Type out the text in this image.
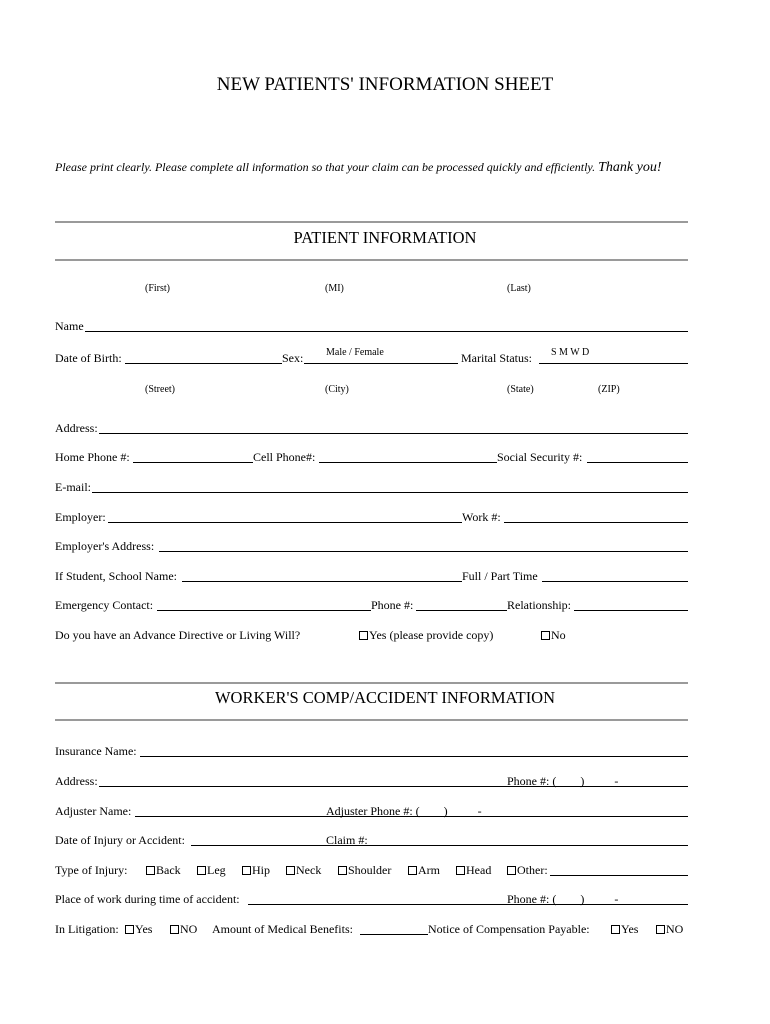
NEW PATIENTS' INFORMATION SHEET
Please print clearly. Please complete all information so that your claim can be processed quickly and efficiently. Thank you!
PATIENT INFORMATION
(First)	(MI)	(Last)
Name
Date of Birth:	Sex: Male / Female	Marital Status: S M W D
(Street)	(City)	(State)	(ZIP)
Address:
Home Phone #:	Cell Phone#:	Social Security #:
E-mail:
Employer:	Work #:
Employer's Address:
If Student, School Name:	Full / Part Time
Emergency Contact:	Phone #:	Relationship:
Do you have an Advance Directive or Living Will?	Yes (please provide copy)	No
WORKER'S COMP/ACCIDENT INFORMATION
Insurance Name:
Address:	Phone #: (        )          -
Adjuster Name:	Adjuster Phone #: (        )          -
Date of Injury or Accident:	Claim #:
Type of Injury:	Back	Leg	Hip	Neck	Shoulder	Arm	Head	Other:
Place of work during time of accident:	Phone #: (        )          -
In Litigation:	Yes	NO Amount of Medical Benefits:	Notice of Compensation Payable:	Yes	NO
